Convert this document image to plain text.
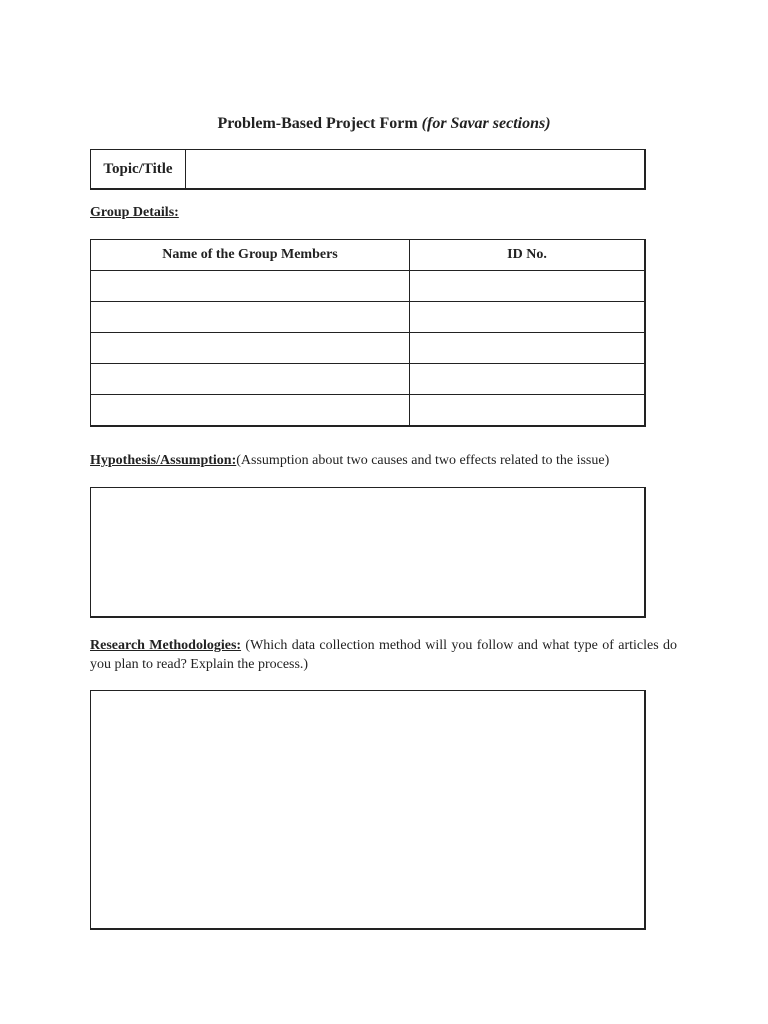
Problem-Based Project Form (for Savar sections)
Topic/Title
Group Details:
Name of the Group Members	ID No.

Hypothesis/Assumption:(Assumption about two causes and two effects related to the issue)
Research Methodologies: (Which data collection method will you follow and what type of articles do you plan to read? Explain the process.)
